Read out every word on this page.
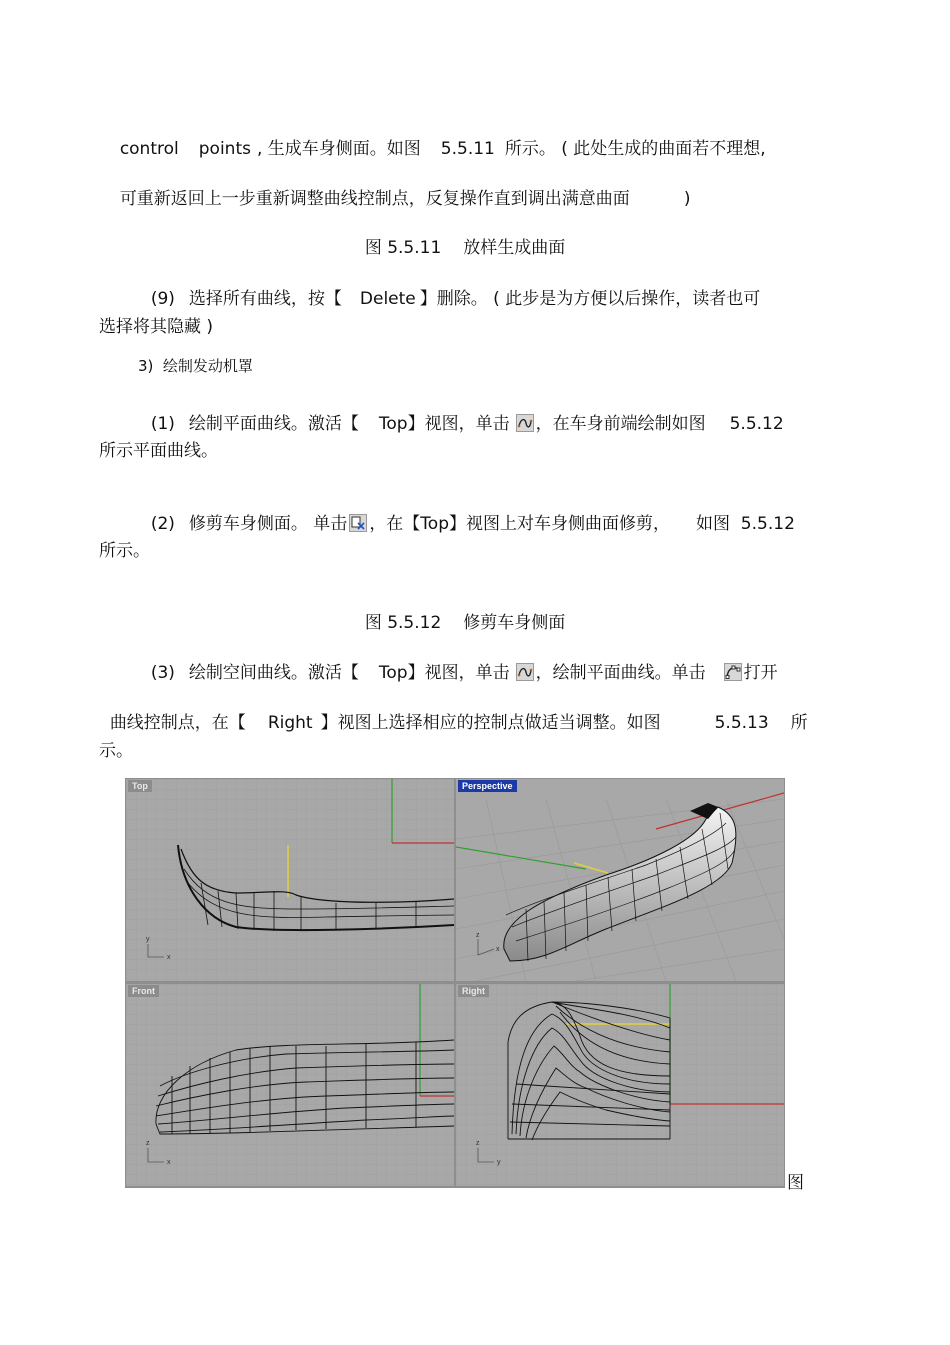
control points , 生成车身侧面。如图 5.5.11 所示。 ( 此处生成的曲面若不理想,

可重新返回上一步重新调整曲线控制点，反复操作直到调出满意曲面	)

图 5.5.11 放样生成曲面

(9) 选择所有曲线，按【 Delete 】删除。 ( 此步是为方便以后操作，读者也可

选择将其隐藏 )
3)  绘制发动机罩

(1) 绘制平面曲线。激活【 Top】视图，单击 ，在车身前端绘制如图 5.5.12

所示平面曲线。

(2) 修剪车身侧面。 单击 ，在【Top】视图上对车身侧曲面修剪， 如图  5.5.12

所示。

图 5.5.12 修剪车身侧面

(3) 绘制空间曲线。激活【 Top】视图，单击 ，绘制平面曲线。单击 打开

曲线控制点，在【 Right 】视图上选择相应的控制点做适当调整。如图	5.5.13 所

示。
y
x
Top
z
x
Perspective
z
x
Front
z
y
Right
图
